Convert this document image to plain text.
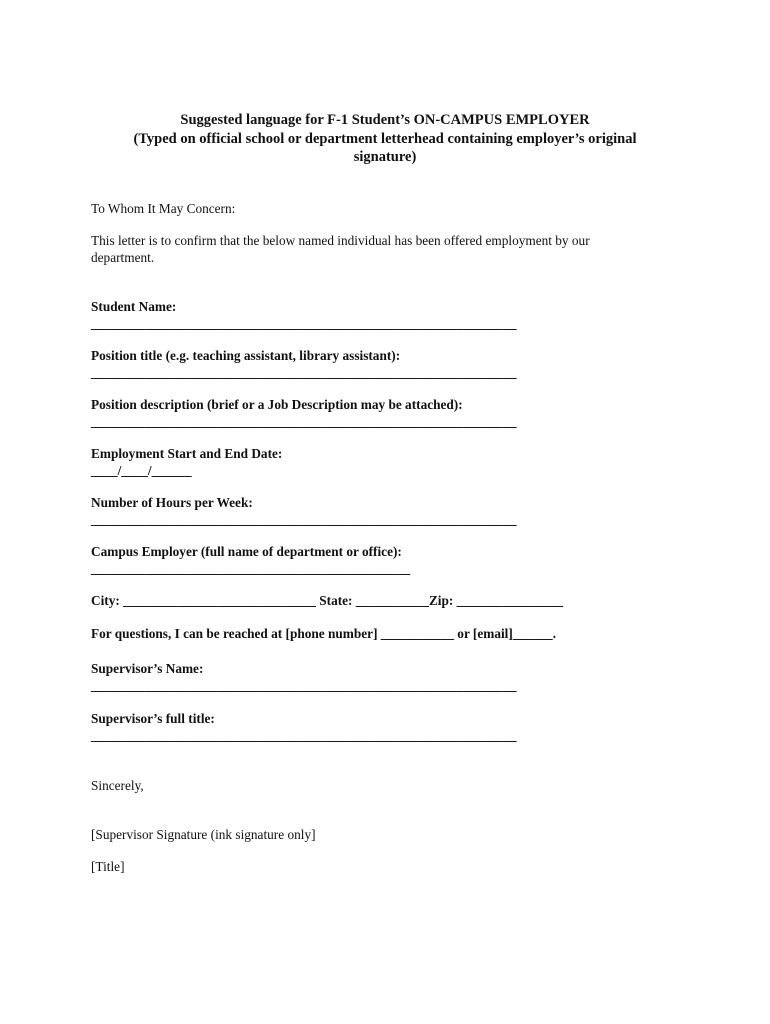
Suggested language for F-1 Student’s ON-CAMPUS EMPLOYER
(Typed on official school or department letterhead containing employer’s original
signature)
To Whom It May Concern:
This letter is to confirm that the below named individual has been offered employment by our department.
Student Name:
________________________________________________________________
Position title (e.g. teaching assistant, library assistant):
________________________________________________________________
Position description (brief or a Job Description may be attached):
________________________________________________________________
Employment Start and End Date:
____/____/______
Number of Hours per Week:
________________________________________________________________
Campus Employer (full name of department or office):
________________________________________________
City: _____________________________ State: ___________Zip: ________________
For questions, I can be reached at [phone number] ___________ or [email]______.
Supervisor’s Name:
________________________________________________________________
Supervisor’s full title:
________________________________________________________________
Sincerely,
[Supervisor Signature (ink signature only]
[Title]
